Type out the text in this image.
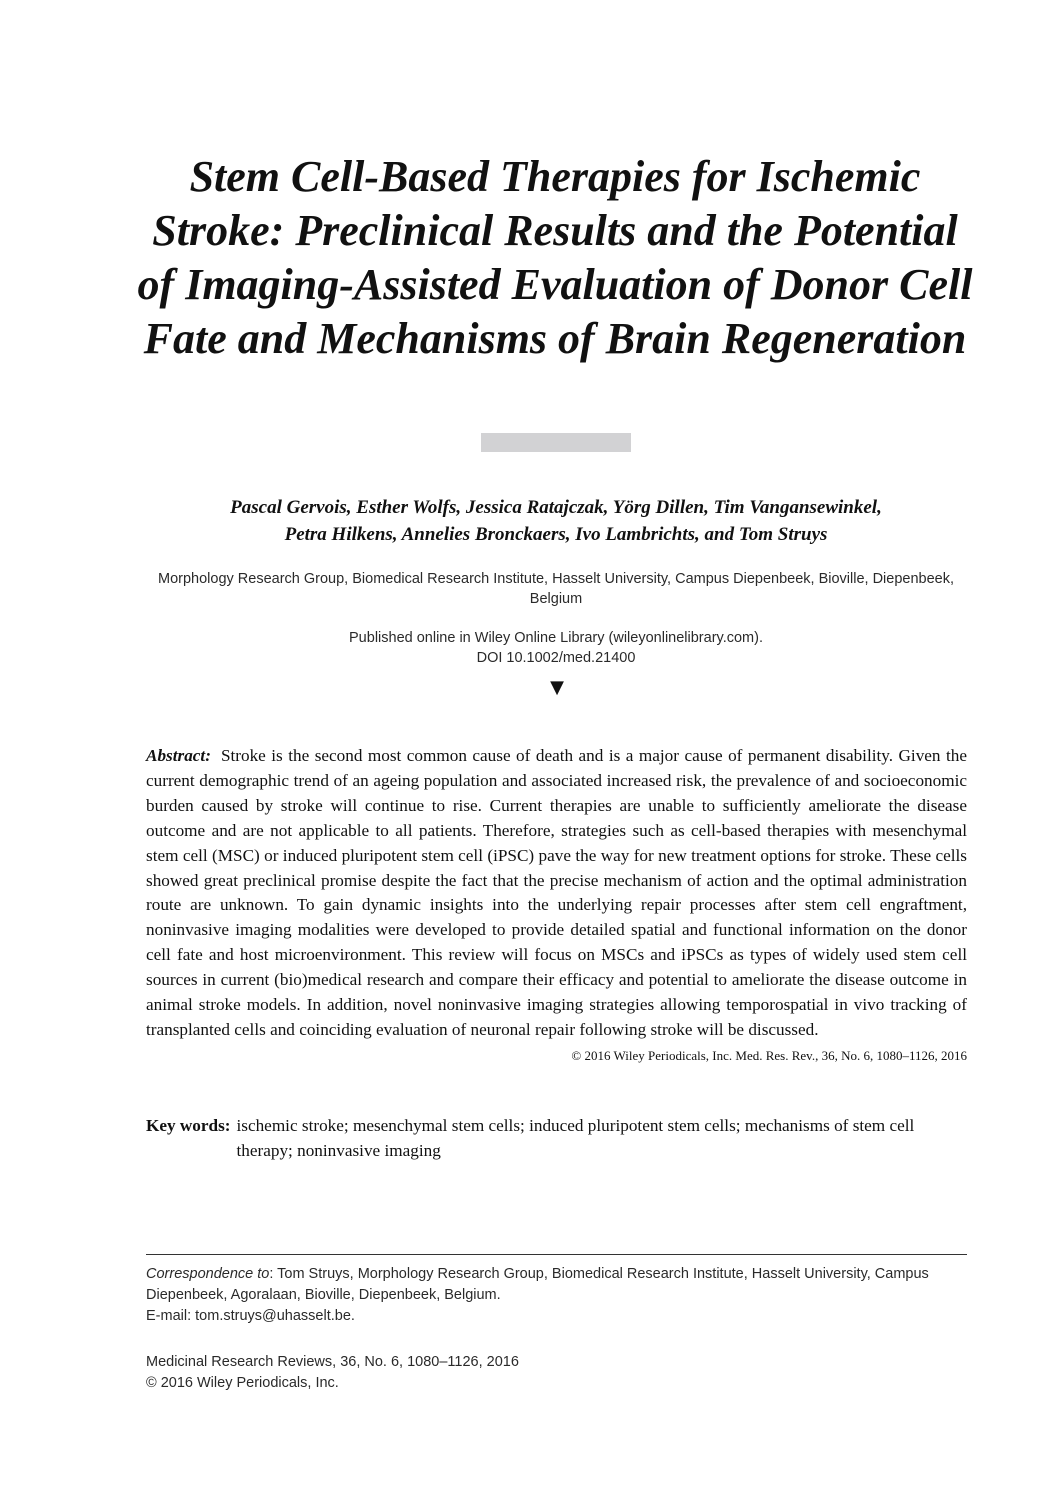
Stem Cell-Based Therapies for Ischemic Stroke: Preclinical Results and the Potential of Imaging-Assisted Evaluation of Donor Cell Fate and Mechanisms of Brain Regeneration
Pascal Gervois, Esther Wolfs, Jessica Ratajczak, Yörg Dillen, Tim Vangansewinkel,
Petra Hilkens, Annelies Bronckaers, Ivo Lambrichts, and Tom Struys
Morphology Research Group, Biomedical Research Institute, Hasselt University, Campus Diepenbeek, Bioville, Diepenbeek, Belgium
Published online in Wiley Online Library (wileyonlinelibrary.com).
DOI 10.1002/med.21400
▼

Abstract: Stroke is the second most common cause of death and is a major cause of permanent disability. Given the current demographic trend of an ageing population and associated increased risk, the prevalence of and socioeconomic burden caused by stroke will continue to rise. Current therapies are unable to sufficiently ameliorate the disease outcome and are not applicable to all patients. Therefore, strategies such as cell-based therapies with mesenchymal stem cell (MSC) or induced pluripotent stem cell (iPSC) pave the way for new treatment options for stroke. These cells showed great preclinical promise despite the fact that the precise mechanism of action and the optimal administration route are unknown. To gain dynamic insights into the underlying repair processes after stem cell engraftment, noninvasive imaging modalities were developed to provide detailed spatial and functional information on the donor cell fate and host microenvironment. This review will focus on MSCs and iPSCs as types of widely used stem cell sources in current (bio)medical research and compare their efficacy and potential to ameliorate the disease outcome in animal stroke models. In addition, novel noninvasive imaging strategies allowing temporospatial in vivo tracking of transplanted cells and coinciding evaluation of neuronal repair following stroke will be discussed.
© 2016 Wiley Periodicals, Inc. Med. Res. Rev., 36, No. 6, 1080–1126, 2016

Key words: ischemic stroke; mesenchymal stem cells; induced pluripotent stem cells; mechanisms of stem cell therapy; noninvasive imaging
Correspondence to: Tom Struys, Morphology Research Group, Biomedical Research Institute, Hasselt University, Campus Diepenbeek, Agoralaan, Bioville, Diepenbeek, Belgium.
E-mail: tom.struys@uhasselt.be.
Medicinal Research Reviews, 36, No. 6, 1080–1126, 2016
© 2016 Wiley Periodicals, Inc.
